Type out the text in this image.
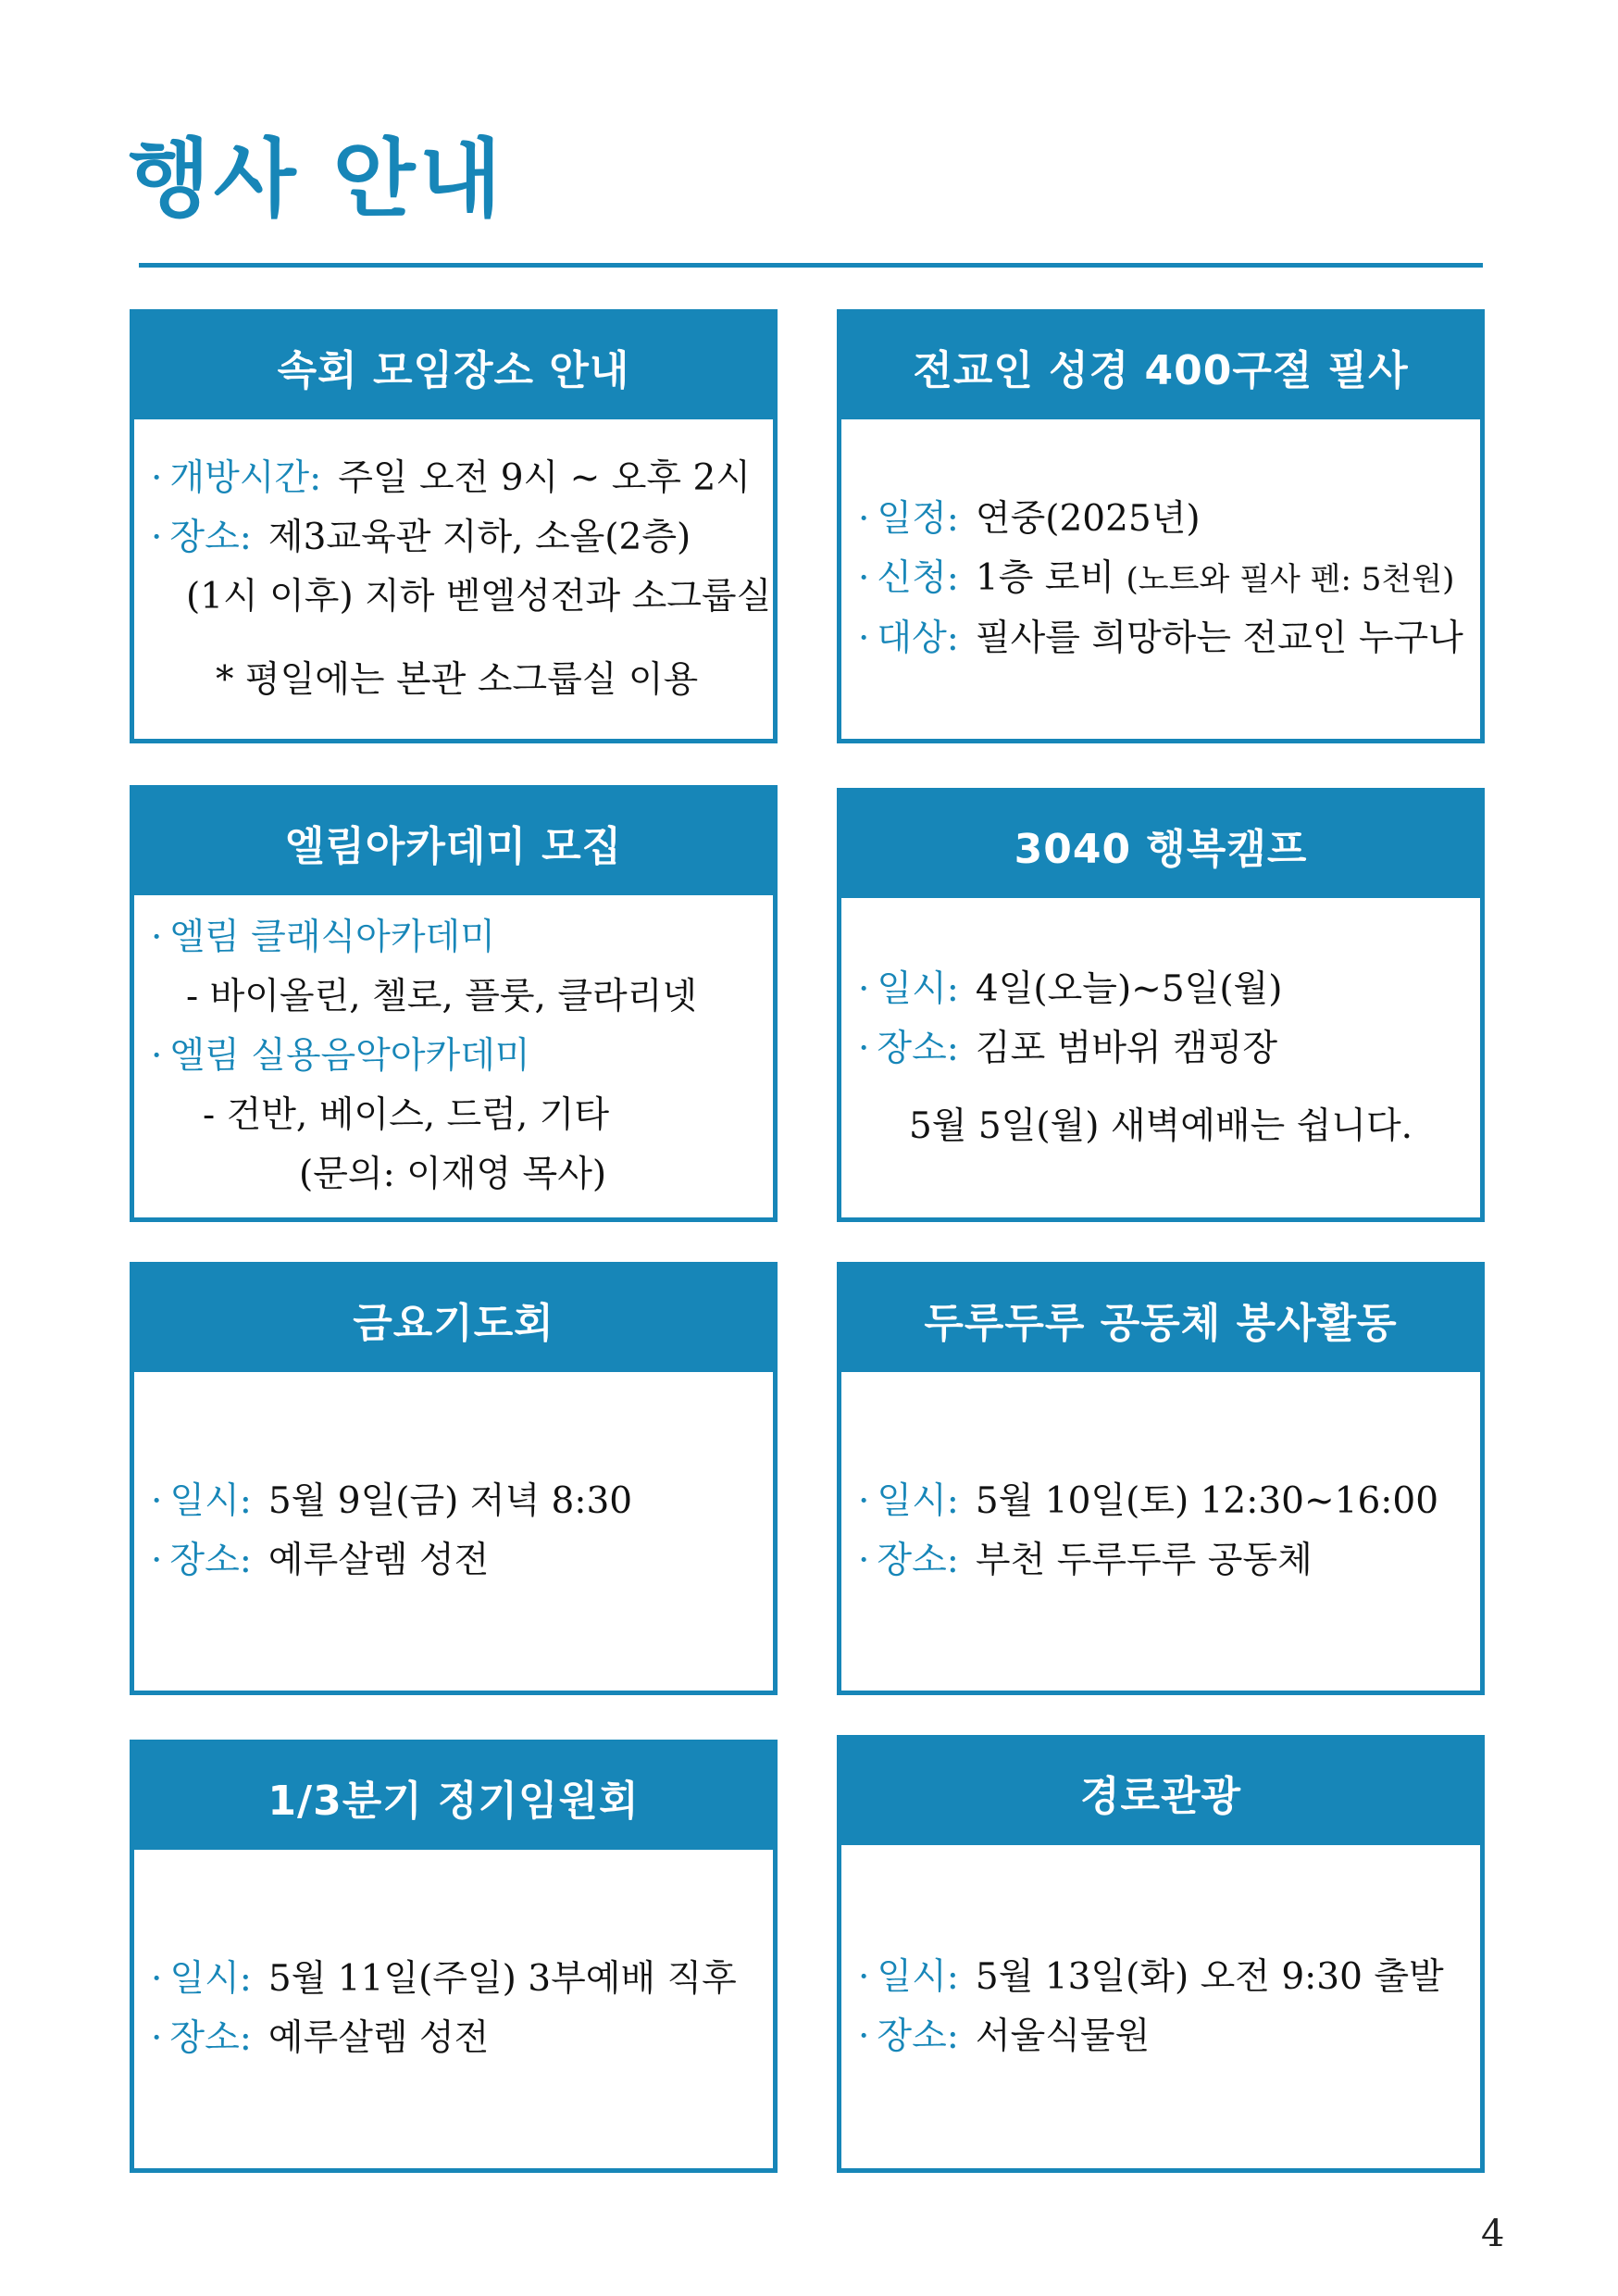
행사 안내
속회 모임장소 안내
· 개방시간: 주일 오전 9시 ~ 오후 2시
· 장소: 제3교육관 지하, 소올(2층)
(1시 이후) 지하 벧엘성전과 소그룹실
* 평일에는 본관 소그룹실 이용
전교인 성경 400구절 필사
· 일정: 연중(2025년)
· 신청: 1층 로비 (노트와 필사 펜: 5천원)
· 대상: 필사를 희망하는 전교인 누구나
엘림아카데미 모집
· 엘림 클래식아카데미
- 바이올린, 첼로, 플룻, 클라리넷
· 엘림 실용음악아카데미
- 건반, 베이스, 드럼, 기타
(문의: 이재영 목사)
3040 행복캠프
· 일시: 4일(오늘)~5일(월)
· 장소: 김포 범바위 캠핑장
5월 5일(월) 새벽예배는 쉽니다.
금요기도회
· 일시: 5월 9일(금) 저녁 8:30
· 장소: 예루살렘 성전
두루두루 공동체 봉사활동
· 일시: 5월 10일(토) 12:30~16:00
· 장소: 부천 두루두루 공동체
1/3분기 정기임원회
· 일시: 5월 11일(주일) 3부예배 직후
· 장소: 예루살렘 성전
경로관광
· 일시: 5월 13일(화) 오전 9:30 출발
· 장소: 서울식물원
4
